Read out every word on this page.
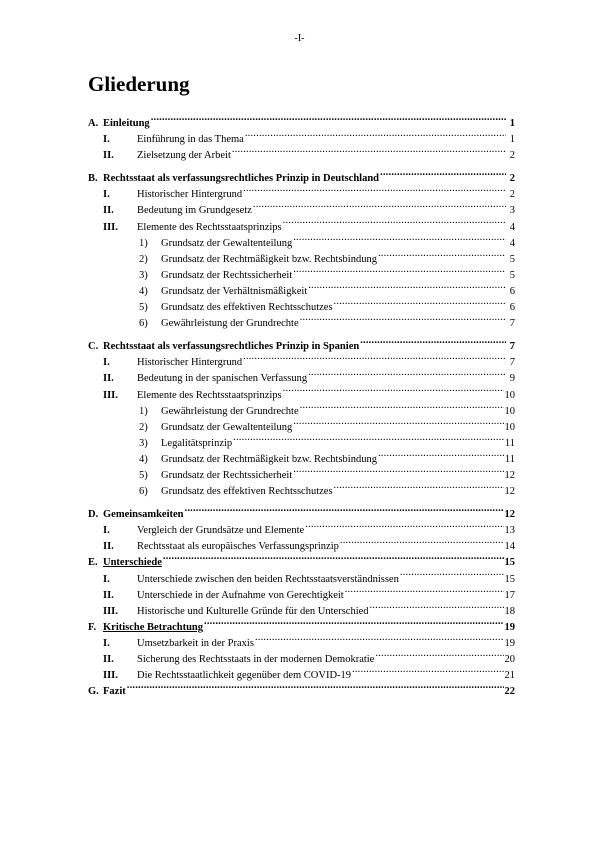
-I-
Gliederung
A. Einleitung .....	1
I.	Einführung in das Thema .....	1
II.	Zielsetzung der Arbeit .....	2
B. Rechtsstaat als verfassungsrechtliches Prinzip in Deutschland .....	2
I.	Historischer Hintergrund .....	2
II.	Bedeutung im Grundgesetz .....	3
III.	Elemente des Rechtsstaatsprinzips .....	4
1)	Grundsatz der Gewaltenteilung .....	4
2)	Grundsatz der Rechtmäßigkeit bzw. Rechtsbindung .....	5
3)	Grundsatz der Rechtssicherheit .....	5
4)	Grundsatz der Verhältnismäßigkeit .....	6
5)	Grundsatz des effektiven Rechtsschutzes .....	6
6)	Gewährleistung der Grundrechte .....	7
C. Rechtsstaat als verfassungsrechtliches Prinzip in Spanien .....	7
I.	Historischer Hintergrund .....	7
II.	Bedeutung in der spanischen Verfassung .....	9
III.	Elemente des Rechtsstaatsprinzips .....	10
1)	Gewährleistung der Grundrechte .....	10
2)	Grundsatz der Gewaltenteilung .....	10
3)	Legalitätsprinzip .....	11
4)	Grundsatz der Rechtmäßigkeit bzw. Rechtsbindung .....	11
5)	Grundsatz der Rechtssicherheit .....	12
6)	Grundsatz des effektiven Rechtsschutzes .....	12
D. Gemeinsamkeiten .....	12
I.	Vergleich der Grundsätze und Elemente .....	13
II.	Rechtsstaat als europäisches Verfassungsprinzip .....	14
E. Unterschiede .....	15
I.	Unterschiede zwischen den beiden Rechtsstaatsverständnissen .....	15
II.	Unterschiede in der Aufnahme von Gerechtigkeit .....	17
III.	Historische und Kulturelle Gründe für den Unterschied .....	18
F. Kritische Betrachtung .....	19
I.	Umsetzbarkeit in der Praxis .....	19
II.	Sicherung des Rechtsstaats in der modernen Demokratie .....	20
III.	Die Rechtsstaatlichkeit gegenüber dem COVID-19 .....	21
G. Fazit .....	22
